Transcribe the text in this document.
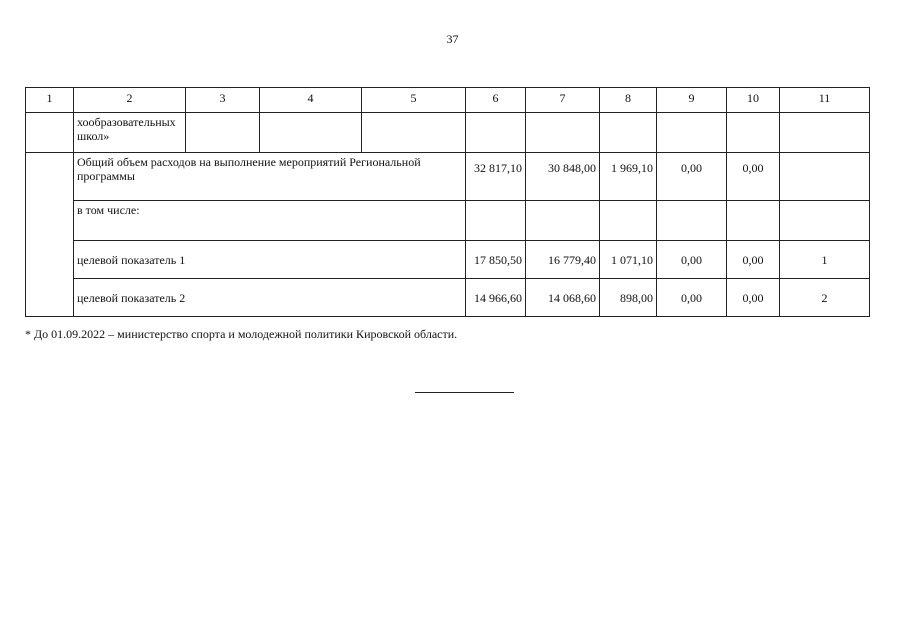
37
1	2	3	4	5	6	7	8	9	10	11
	хообразовательных школ»									
	Общий объем расходов на выполнение мероприятий Региональной программы				32 817,10	30 848,00	1 969,10	0,00	0,00	
	в том числе:									
	целевой показатель 1				17 850,50	16 779,40	1 071,10	0,00	0,00	1
	целевой показатель 2				14 966,60	14 068,60	898,00	0,00	0,00	2
* До 01.09.2022 – министерство спорта и молодежной политики Кировской области.
